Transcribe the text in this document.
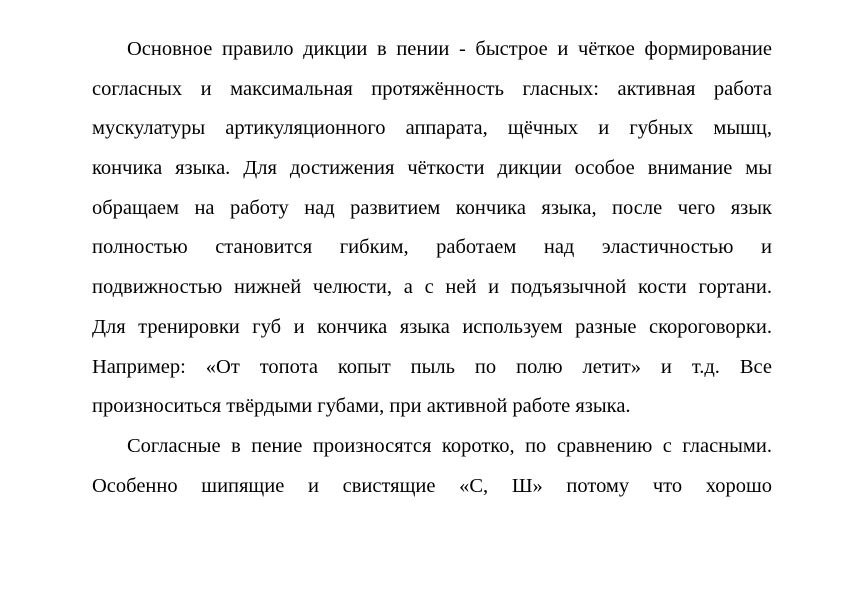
Основное правило дикции в пении - быстрое и чёткое формирование
согласных и максимальная протяжённость гласных: активная работа
мускулатуры артикуляционного аппарата, щёчных и губных мышц,
кончика языка. Для достижения чёткости дикции особое внимание мы
обращаем на работу над развитием кончика языка, после чего язык
полностью становится гибким, работаем над эластичностью и
подвижностью нижней челюсти, а с ней и подъязычной кости гортани.
Для тренировки губ и кончика языка используем разные скороговорки.
Например: «От топота копыт пыль по полю летит» и т.д. Все
произноситься твёрдыми губами, при активной работе языка.
Согласные в пение произносятся коротко, по сравнению с гласными.
Особенно шипящие и свистящие «С, Ш» потому что хорошо
